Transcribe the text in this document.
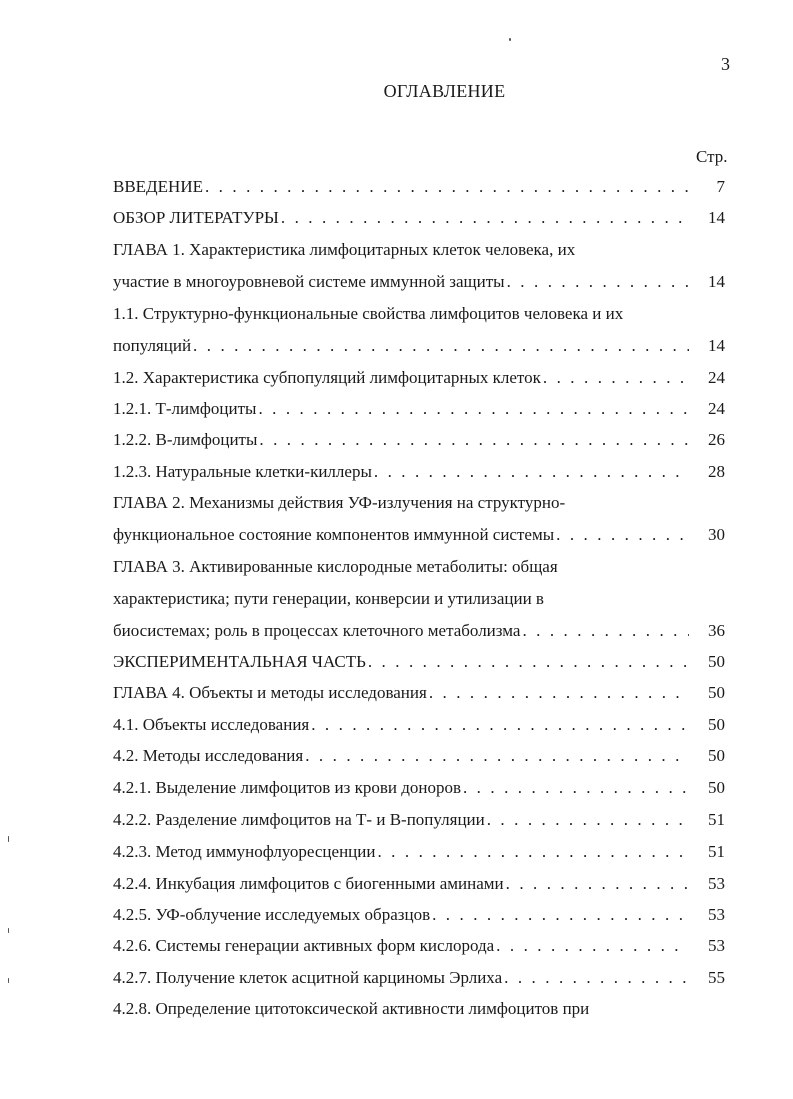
3
ОГЛАВЛЕНИЕ
Стр.
ВВЕДЕНИЕ . . .	7
ОБЗОР ЛИТЕРАТУРЫ . . .	14
ГЛАВА 1. Характеристика лимфоцитарных клеток человека, их
участие в многоуровневой системе иммунной защиты . . .	14
1.1. Структурно-функциональные свойства лимфоцитов человека и их
популяций . . .	14
1.2. Характеристика субпопуляций лимфоцитарных клеток . . .	24
1.2.1. Т-лимфоциты . . .	24
1.2.2. В-лимфоциты . . .	26
1.2.3. Натуральные клетки-киллеры . . .	28
ГЛАВА 2. Механизмы действия УФ-излучения на структурно-
функциональное состояние компонентов иммунной системы . . .	30
ГЛАВА 3. Активированные кислородные метаболиты: общая
характеристика; пути генерации, конверсии и утилизации в
биосистемах; роль в процессах клеточного метаболизма . . .	36
ЭКСПЕРИМЕНТАЛЬНАЯ ЧАСТЬ . . .	50
ГЛАВА 4. Объекты и методы исследования . . .	50
4.1. Объекты исследования . . .	50
4.2. Методы исследования . . .	50
4.2.1. Выделение лимфоцитов из крови доноров . . .	50
4.2.2. Разделение лимфоцитов на Т- и В-популяции . . .	51
4.2.3. Метод иммунофлуоресценции . . .	51
4.2.4. Инкубация лимфоцитов с биогенными аминами . . .	53
4.2.5. УФ-облучение исследуемых образцов . . .	53
4.2.6. Системы генерации активных форм кислорода . . .	53
4.2.7. Получение клеток асцитной карциномы Эрлиха . . .	55
4.2.8. Определение цитотоксической активности лимфоцитов при
